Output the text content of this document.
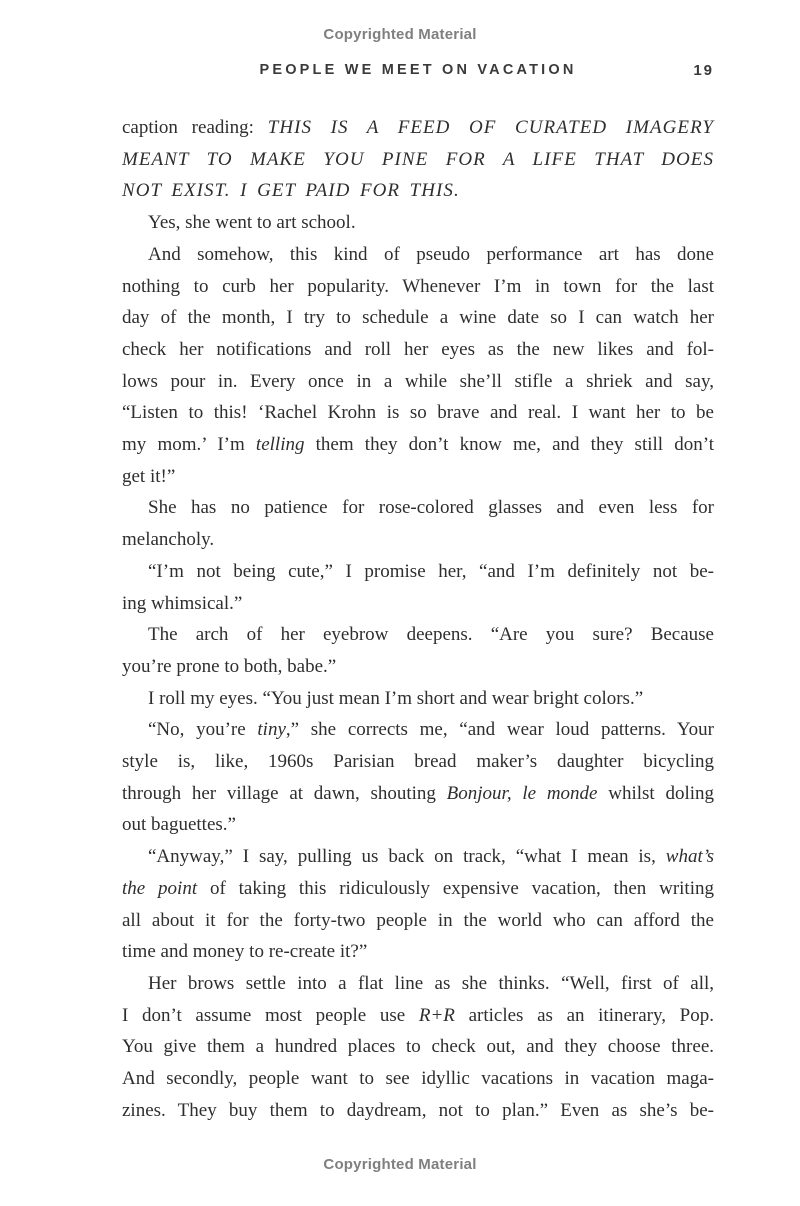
Copyrighted Material
PEOPLE WE MEET ON VACATION	19
caption reading: THIS IS A FEED OF CURATED IMAGERY
MEANT TO MAKE YOU PINE FOR A LIFE THAT DOES
NOT EXIST. I GET PAID FOR THIS.
Yes, she went to art school.
And somehow, this kind of pseudo performance art has done
nothing to curb her popularity. Whenever I’m in town for the last
day of the month, I try to schedule a wine date so I can watch her
check her notifications and roll her eyes as the new likes and fol-
lows pour in. Every once in a while she’ll stifle a shriek and say,
“Listen to this! ‘Rachel Krohn is so brave and real. I want her to be
my mom.’ I’m telling them they don’t know me, and they still don’t
get it!”
She has no patience for rose-colored glasses and even less for
melancholy.
“I’m not being cute,” I promise her, “and I’m definitely not be-
ing whimsical.”
The arch of her eyebrow deepens. “Are you sure? Because
you’re prone to both, babe.”
I roll my eyes. “You just mean I’m short and wear bright colors.”
“No, you’re tiny,” she corrects me, “and wear loud patterns. Your
style is, like, 1960s Parisian bread maker’s daughter bicycling
through her village at dawn, shouting Bonjour, le monde whilst doling
out baguettes.”
“Anyway,” I say, pulling us back on track, “what I mean is, what’s
the point of taking this ridiculously expensive vacation, then writing
all about it for the forty-two people in the world who can afford the
time and money to re-create it?”
Her brows settle into a flat line as she thinks. “Well, first of all,
I don’t assume most people use R+R articles as an itinerary, Pop.
You give them a hundred places to check out, and they choose three.
And secondly, people want to see idyllic vacations in vacation maga-
zines. They buy them to daydream, not to plan.” Even as she’s be-
Copyrighted Material
